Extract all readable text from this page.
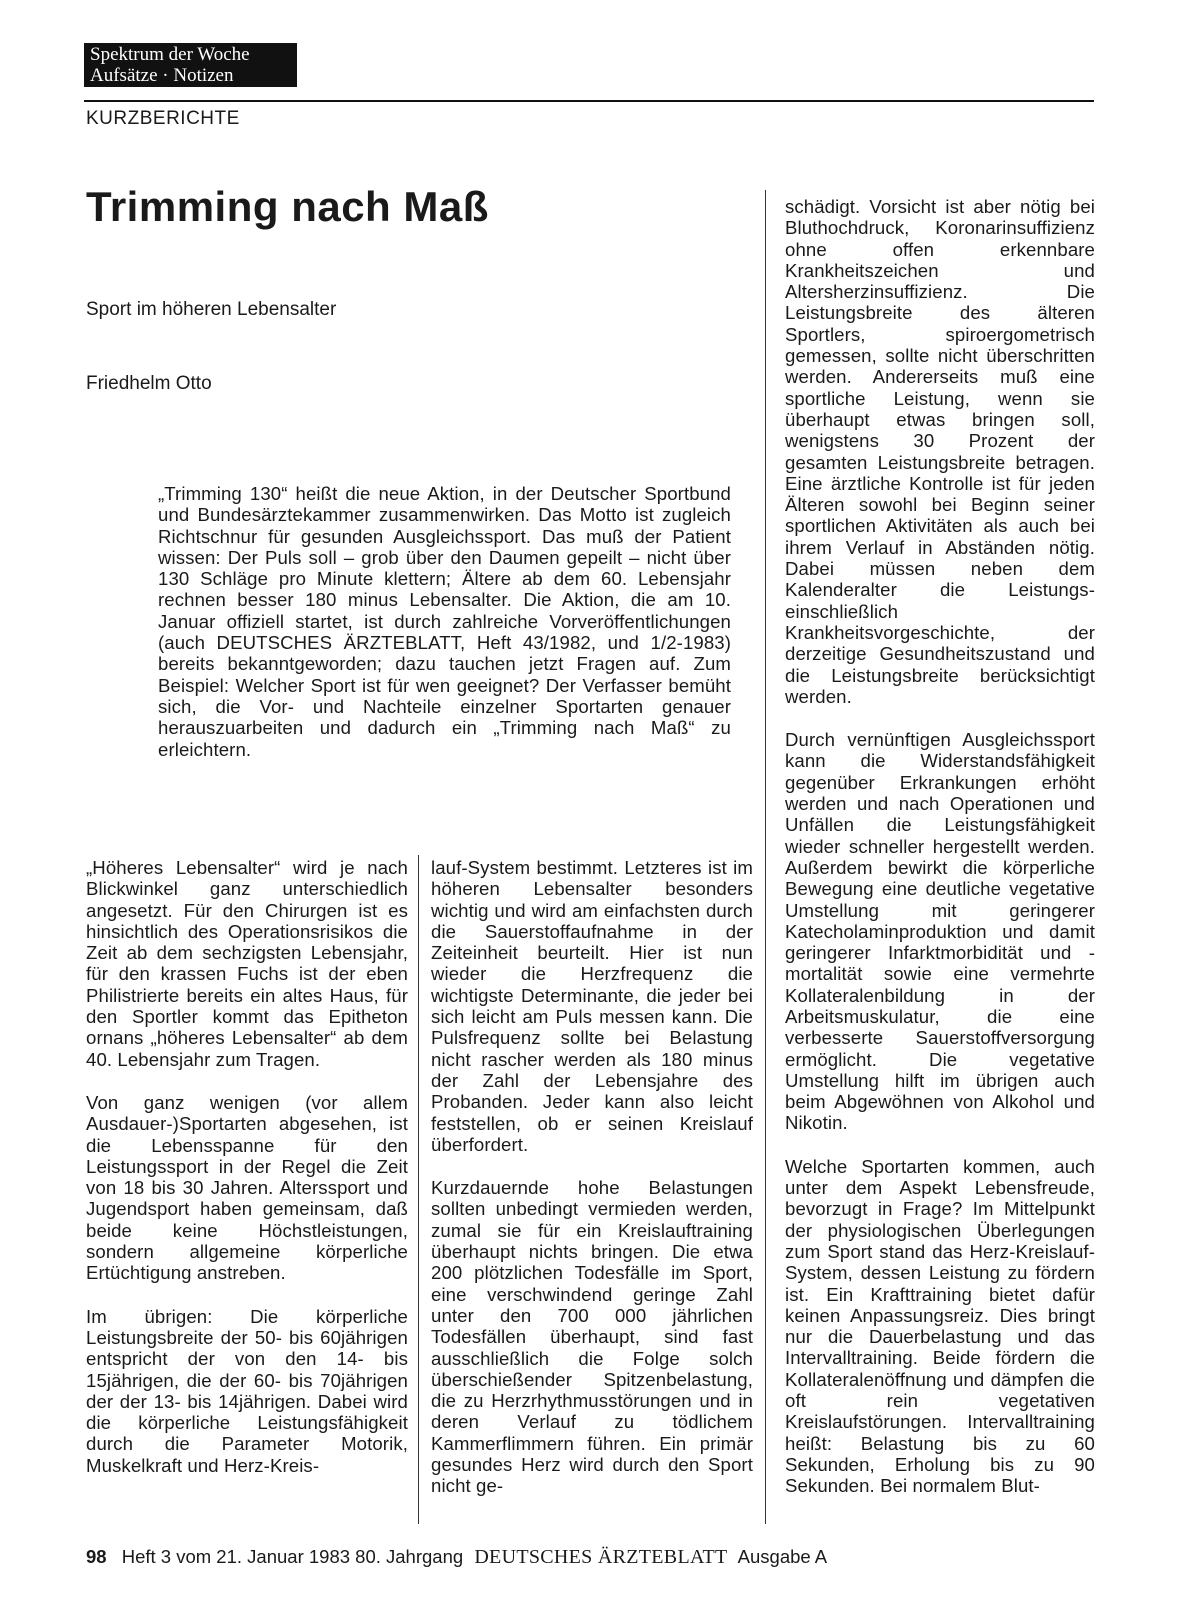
Spektrum der Woche
Aufsätze · Notizen
KURZBERICHTE
Trimming nach Maß
Sport im höheren Lebensalter
Friedhelm Otto
„Trimming 130“ heißt die neue Aktion, in der Deutscher Sportbund und Bundesärztekammer zusammenwirken. Das Motto ist zugleich Richtschnur für gesunden Ausgleichssport. Das muß der Patient wissen: Der Puls soll – grob über den Daumen gepeilt – nicht über 130 Schläge pro Minute klettern; Ältere ab dem 60. Lebensjahr rechnen besser 180 minus Lebensalter. Die Aktion, die am 10. Januar offiziell startet, ist durch zahlreiche Vorveröffentlichungen (auch DEUTSCHES ÄRZTEBLATT, Heft 43/1982, und 1/2-1983) bereits bekanntgeworden; dazu tauchen jetzt Fragen auf. Zum Beispiel: Welcher Sport ist für wen geeignet? Der Verfasser bemüht sich, die Vor- und Nachteile einzelner Sportarten genauer herauszuarbeiten und dadurch ein „Trimming nach Maß“ zu erleichtern.

„Höheres Lebensalter“ wird je nach Blickwinkel ganz unterschiedlich angesetzt. Für den Chirurgen ist es hinsichtlich des Operationsrisikos die Zeit ab dem sechzigsten Lebensjahr, für den krassen Fuchs ist der eben Philistrierte bereits ein altes Haus, für den Sportler kommt das Epitheton ornans „höheres Lebensalter“ ab dem 40. Lebensjahr zum Tragen.

Von ganz wenigen (vor allem Ausdauer-)Sportarten abgesehen, ist die Lebensspanne für den Leistungssport in der Regel die Zeit von 18 bis 30 Jahren. Alterssport und Jugendsport haben gemeinsam, daß beide keine Höchstleistungen, sondern allgemeine körperliche Ertüchtigung anstreben.

Im übrigen: Die körperliche Leistungsbreite der 50- bis 60jährigen entspricht der von den 14- bis 15jährigen, die der 60- bis 70jährigen der der 13- bis 14jährigen. Dabei wird die körperliche Leistungsfähigkeit durch die Parameter Motorik, Muskelkraft und Herz-Kreis-

lauf-System bestimmt. Letzteres ist im höheren Lebensalter besonders wichtig und wird am einfachsten durch die Sauerstoffaufnahme in der Zeiteinheit beurteilt. Hier ist nun wieder die Herzfrequenz die wichtigste Determinante, die jeder bei sich leicht am Puls messen kann. Die Pulsfrequenz sollte bei Belastung nicht rascher werden als 180 minus der Zahl der Lebensjahre des Probanden. Jeder kann also leicht feststellen, ob er seinen Kreislauf überfordert.

Kurzdauernde hohe Belastungen sollten unbedingt vermieden werden, zumal sie für ein Kreislauftraining überhaupt nichts bringen. Die etwa 200 plötzlichen Todesfälle im Sport, eine verschwindend geringe Zahl unter den 700 000 jährlichen Todesfällen überhaupt, sind fast ausschließlich die Folge solch überschießender Spitzenbelastung, die zu Herzrhythmusstörungen und in deren Verlauf zu tödlichem Kammerflimmern führen. Ein primär gesundes Herz wird durch den Sport nicht ge-

schädigt. Vorsicht ist aber nötig bei Bluthochdruck, Koronarinsuffizienz ohne offen erkennbare Krankheitszeichen und Altersherzinsuffizienz. Die Leistungsbreite des älteren Sportlers, spiroergometrisch gemessen, sollte nicht überschritten werden. Andererseits muß eine sportliche Leistung, wenn sie überhaupt etwas bringen soll, wenigstens 30 Prozent der gesamten Leistungsbreite betragen. Eine ärztliche Kontrolle ist für jeden Älteren sowohl bei Beginn seiner sportlichen Aktivitäten als auch bei ihrem Verlauf in Abständen nötig. Dabei müssen neben dem Kalenderalter die Leistungs- einschließlich Krankheitsvorgeschichte, der derzeitige Gesundheitszustand und die Leistungsbreite berücksichtigt werden.

Durch vernünftigen Ausgleichssport kann die Widerstandsfähigkeit gegenüber Erkrankungen erhöht werden und nach Operationen und Unfällen die Leistungsfähigkeit wieder schneller hergestellt werden. Außerdem bewirkt die körperliche Bewegung eine deutliche vegetative Umstellung mit geringerer Katecholaminproduktion und damit geringerer Infarktmorbidität und -mortalität sowie eine vermehrte Kollateralenbildung in der Arbeitsmuskulatur, die eine verbesserte Sauerstoffversorgung ermöglicht. Die vegetative Umstellung hilft im übrigen auch beim Abgewöhnen von Alkohol und Nikotin.

Welche Sportarten kommen, auch unter dem Aspekt Lebensfreude, bevorzugt in Frage? Im Mittelpunkt der physiologischen Überlegungen zum Sport stand das Herz-Kreislauf-System, dessen Leistung zu fördern ist. Ein Krafttraining bietet dafür keinen Anpassungsreiz. Dies bringt nur die Dauerbelastung und das Intervalltraining. Beide fördern die Kollateralenöffnung und dämpfen die oft rein vegetativen Kreislaufstörungen. Intervalltraining heißt: Belastung bis zu 60 Sekunden, Erholung bis zu 90 Sekunden. Bei normalem Blut-

98 Heft 3 vom 21. Januar 1983 80. Jahrgang DEUTSCHES ÄRZTEBLATT Ausgabe A
